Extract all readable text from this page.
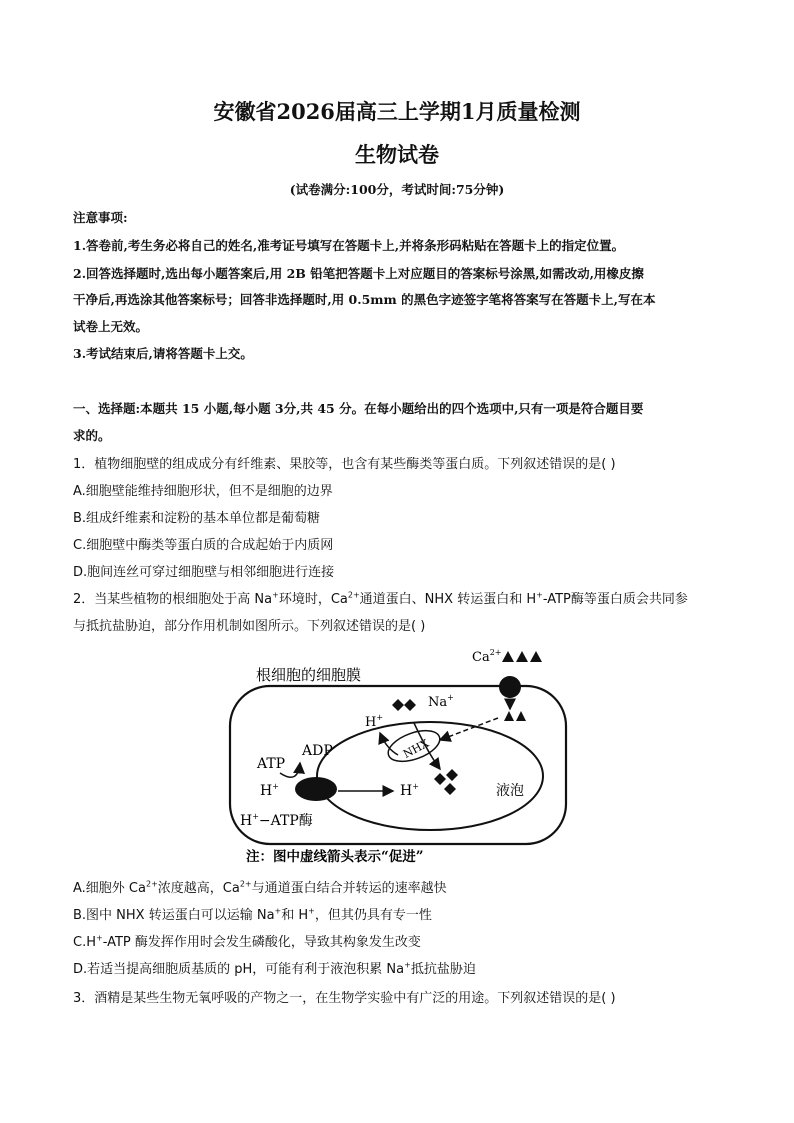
安徽省2026届高三上学期1月质量检测
生物试卷
(试卷满分:100分，考试时间:75分钟)
注意事项:
1.答卷前,考生务必将自己的姓名,准考证号填写在答题卡上,并将条形码粘贴在答题卡上的指定位置。
2.回答选择题时,选出每小题答案后,用 2B 铅笔把答题卡上对应题目的答案标号涂黑,如需改动,用橡皮擦
干净后,再选涂其他答案标号；回答非选择题时,用 0.5mm 的黑色字迹签字笔将答案写在答题卡上,写在本
试卷上无效。
3.考试结束后,请将答题卡上交。
一、选择题:本题共 15 小题,每小题 3分,共 45 分。在每小题给出的四个选项中,只有一项是符合题目要
求的。
1．植物细胞壁的组成成分有纤维素、果胶等，也含有某些酶类等蛋白质。下列叙述错误的是( )
A.细胞壁能维持细胞形状，但不是细胞的边界
B.组成纤维素和淀粉的基本单位都是葡萄糖
C.细胞壁中酶类等蛋白质的合成起始于内质网
D.胞间连丝可穿过细胞壁与相邻细胞进行连接
2．当某些植物的根细胞处于高 Na+环境时，$Ca^{2+}$通道蛋白、NHX 转运蛋白和 H+-ATP酶等蛋白质会共同参
与抵抗盐胁迫，部分作用机制如图所示。下列叙述错误的是( )
根细胞的细胞膜
$Ca^{2+}$
Na+
液泡
NHX
H+
ADP
ATP
H+	H+
H+−ATP酶
注：图中虚线箭头表示“促进”
A.细胞外 $Ca^{2+}$浓度越高，$Ca^{2+}$与通道蛋白结合并转运的速率越快
B.图中 NHX 转运蛋白可以运输 Na+和 H+，但其仍具有专一性
C.H+-ATP 酶发挥作用时会发生磷酸化，导致其构象发生改变
D.若适当提高细胞质基质的 pH，可能有利于液泡积累 Na+抵抗盐胁迫
3．酒精是某些生物无氧呼吸的产物之一，在生物学实验中有广泛的用途。下列叙述错误的是( )
